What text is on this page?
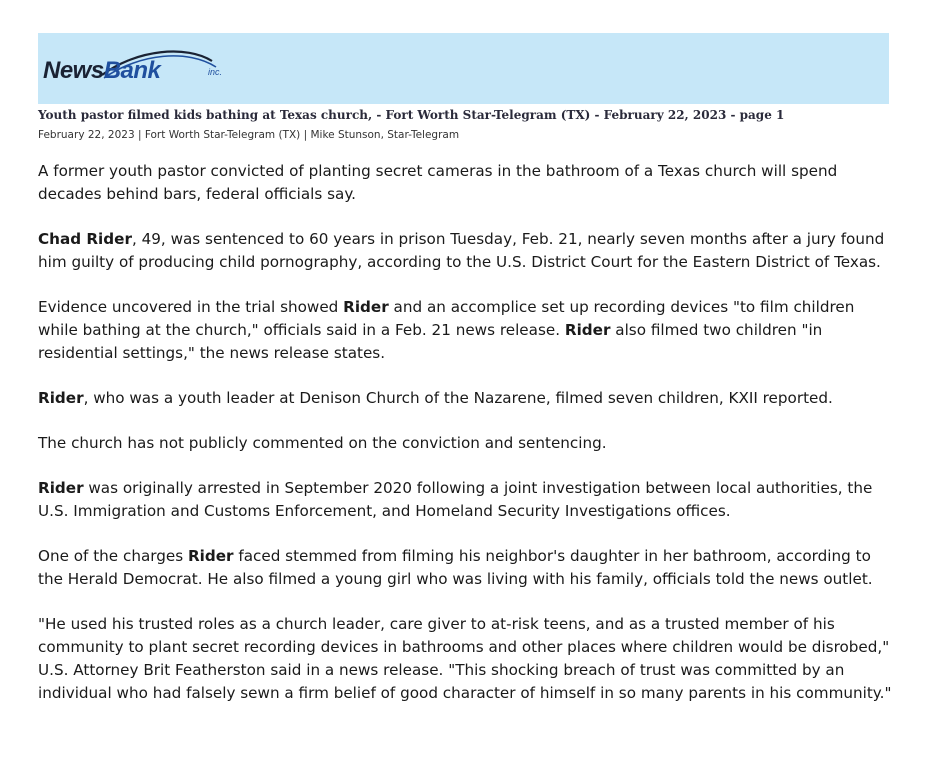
NewsBank	inc.
Youth pastor filmed kids bathing at Texas church, - Fort Worth Star-Telegram (TX) - February 22, 2023 - page 1
February 22, 2023 | Fort Worth Star-Telegram (TX) | Mike Stunson, Star-Telegram

A former youth pastor convicted of planting secret cameras in the bathroom of a Texas church will spend decades behind bars, federal officials say.

Chad Rider, 49, was sentenced to 60 years in prison Tuesday, Feb. 21, nearly seven months after a jury found him guilty of producing child pornography, according to the U.S. District Court for the Eastern District of Texas.

Evidence uncovered in the trial showed Rider and an accomplice set up recording devices "to film children while bathing at the church," officials said in a Feb. 21 news release. Rider also filmed two children "in residential settings," the news release states.

Rider, who was a youth leader at Denison Church of the Nazarene, filmed seven children, KXII reported.

The church has not publicly commented on the conviction and sentencing.

Rider was originally arrested in September 2020 following a joint investigation between local authorities, the U.S. Immigration and Customs Enforcement, and Homeland Security Investigations offices.

One of the charges Rider faced stemmed from filming his neighbor's daughter in her bathroom, according to the Herald Democrat. He also filmed a young girl who was living with his family, officials told the news outlet.

"He used his trusted roles as a church leader, care giver to at-risk teens, and as a trusted member of his community to plant secret recording devices in bathrooms and other places where children would be disrobed," U.S. Attorney Brit Featherston said in a news release. "This shocking breach of trust was committed by an individual who had falsely sewn a firm belief of good character of himself in so many parents in his community."
